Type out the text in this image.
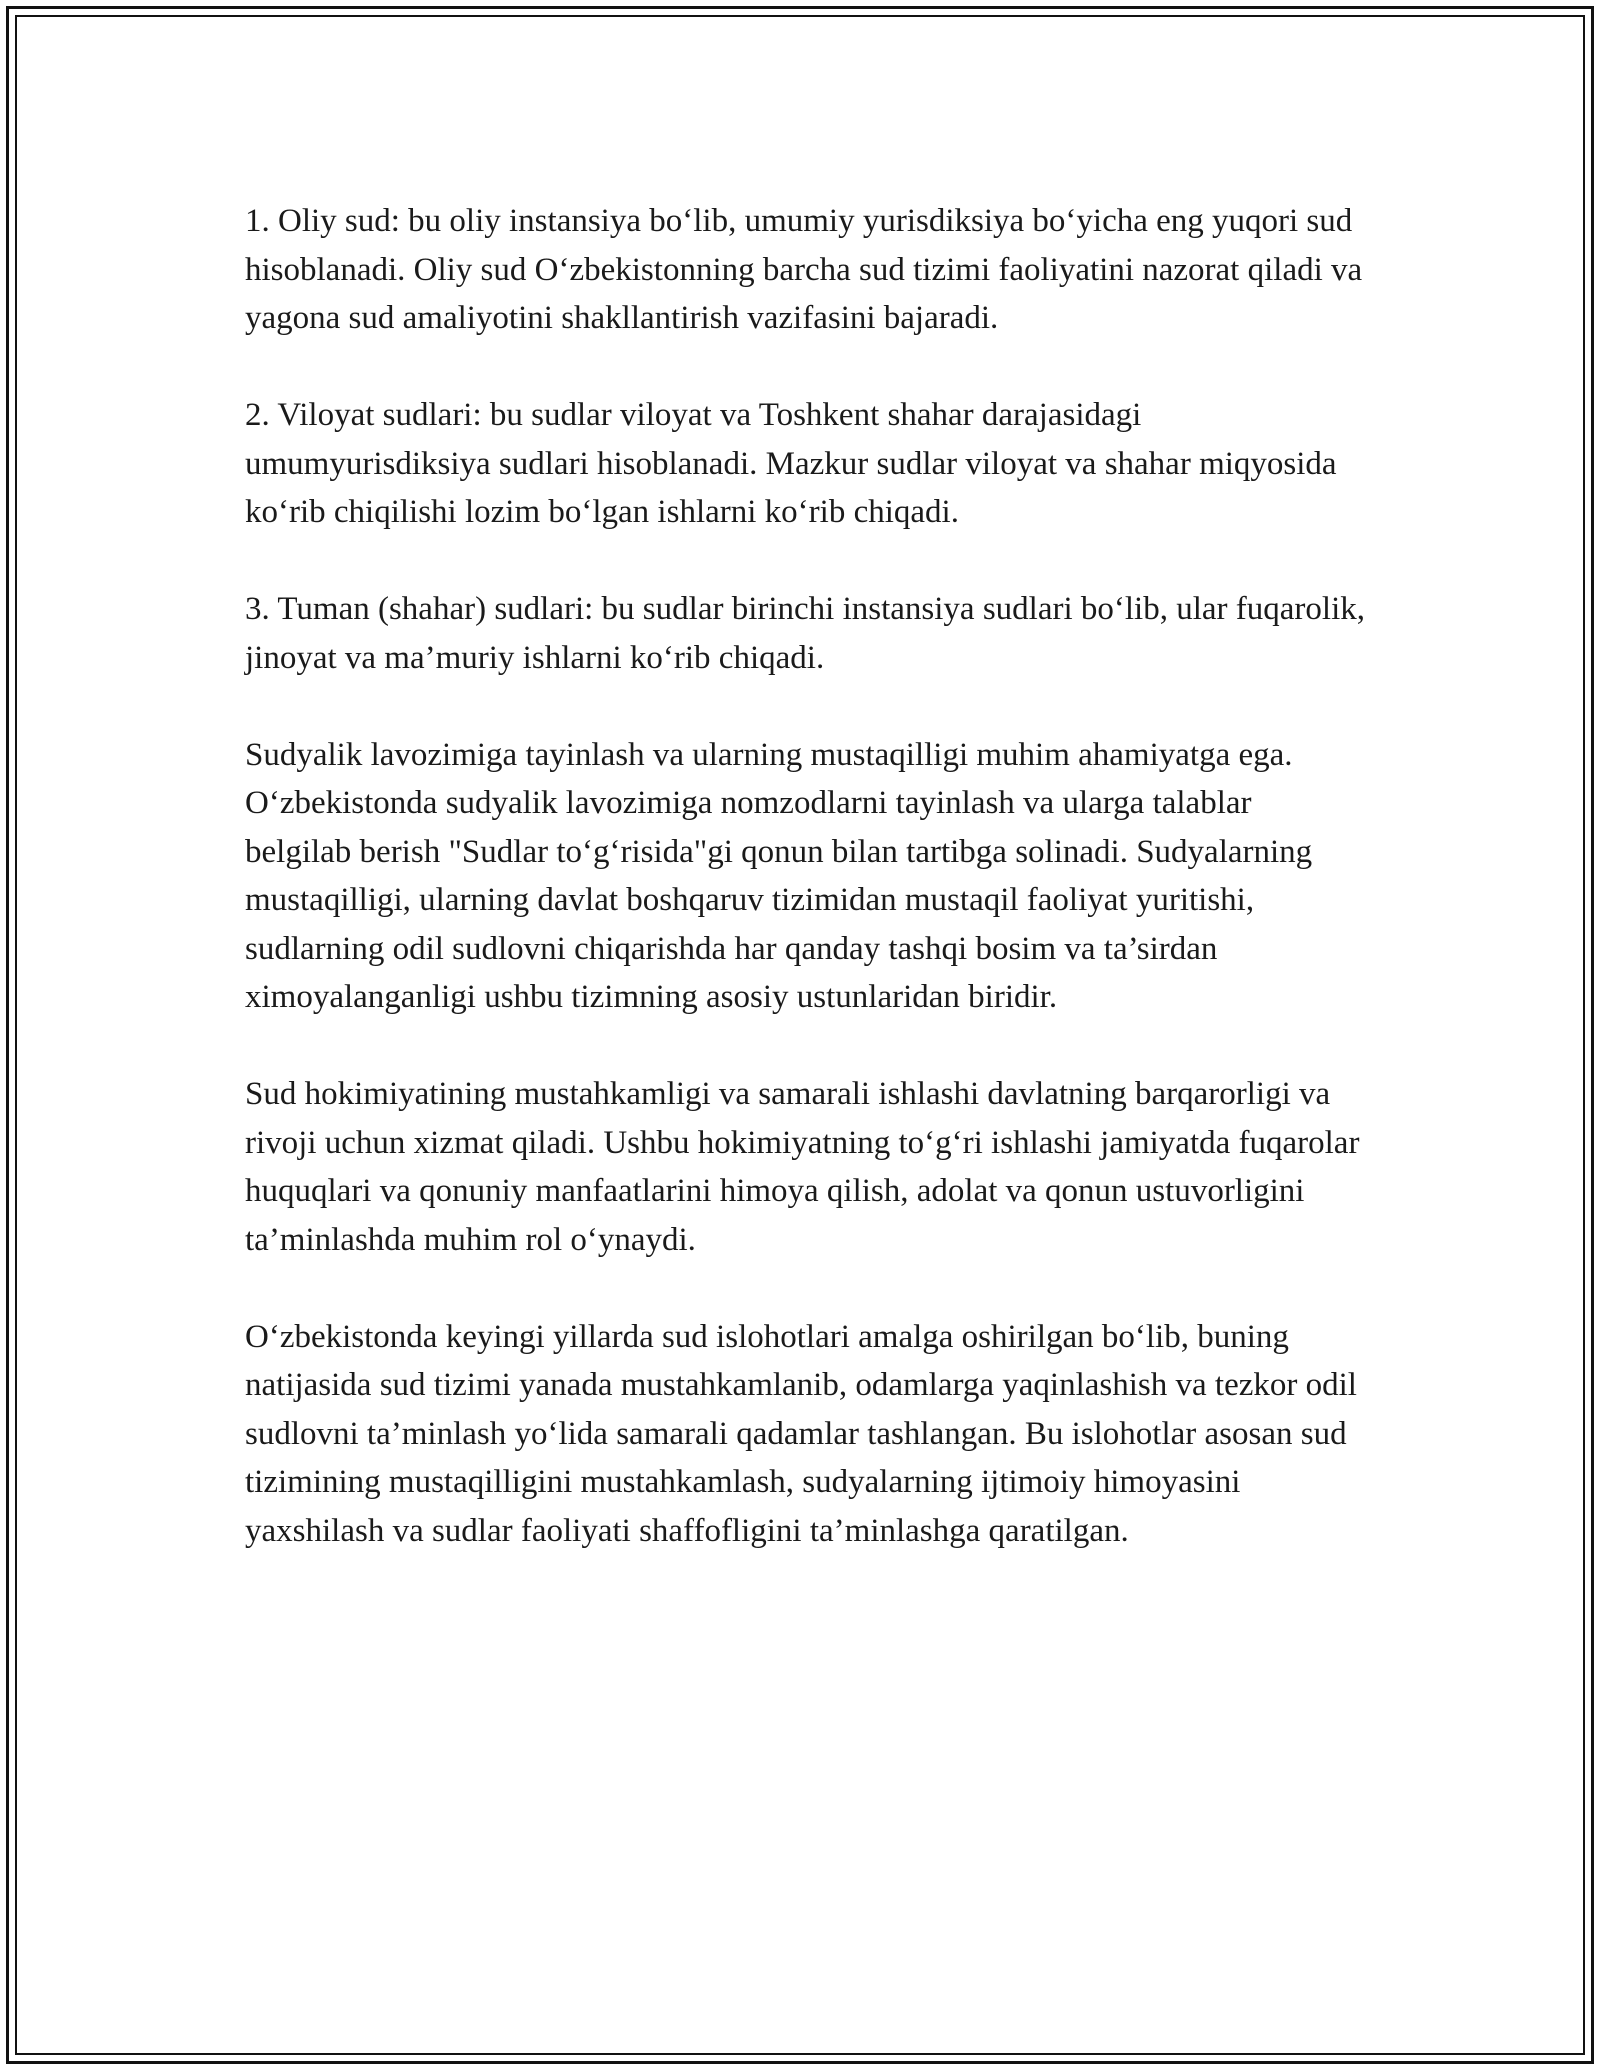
1. Oliy sud: bu oliy instansiya bo‘lib, umumiy yurisdiksiya bo‘yicha eng yuqori sud hisoblanadi. Oliy sud O‘zbekistonning barcha sud tizimi faoliyatini nazorat qiladi va yagona sud amaliyotini shakllantirish vazifasini bajaradi.

2. Viloyat sudlari: bu sudlar viloyat va Toshkent shahar darajasidagi umumyurisdiksiya sudlari hisoblanadi. Mazkur sudlar viloyat va shahar miqyosida ko‘rib chiqilishi lozim bo‘lgan ishlarni ko‘rib chiqadi.

3. Tuman (shahar) sudlari: bu sudlar birinchi instansiya sudlari bo‘lib, ular fuqarolik, jinoyat va ma’muriy ishlarni ko‘rib chiqadi.

Sudyalik lavozimiga tayinlash va ularning mustaqilligi muhim ahamiyatga ega. O‘zbekistonda sudyalik lavozimiga nomzodlarni tayinlash va ularga talablar belgilab berish "Sudlar to‘g‘risida"gi qonun bilan tartibga solinadi. Sudyalarning mustaqilligi, ularning davlat boshqaruv tizimidan mustaqil faoliyat yuritishi, sudlarning odil sudlovni chiqarishda har qanday tashqi bosim va ta’sirdan ximoyalanganligi ushbu tizimning asosiy ustunlaridan biridir.

Sud hokimiyatining mustahkamligi va samarali ishlashi davlatning barqarorligi va rivoji uchun xizmat qiladi. Ushbu hokimiyatning to‘g‘ri ishlashi jamiyatda fuqarolar huquqlari va qonuniy manfaatlarini himoya qilish, adolat va qonun ustuvorligini ta’minlashda muhim rol o‘ynaydi.

O‘zbekistonda keyingi yillarda sud islohotlari amalga oshirilgan bo‘lib, buning natijasida sud tizimi yanada mustahkamlanib, odamlarga yaqinlashish va tezkor odil sudlovni ta’minlash yo‘lida samarali qadamlar tashlangan. Bu islohotlar asosan sud tizimining mustaqilligini mustahkamlash, sudyalarning ijtimoiy himoyasini yaxshilash va sudlar faoliyati shaffofligini ta’minlashga qaratilgan.
